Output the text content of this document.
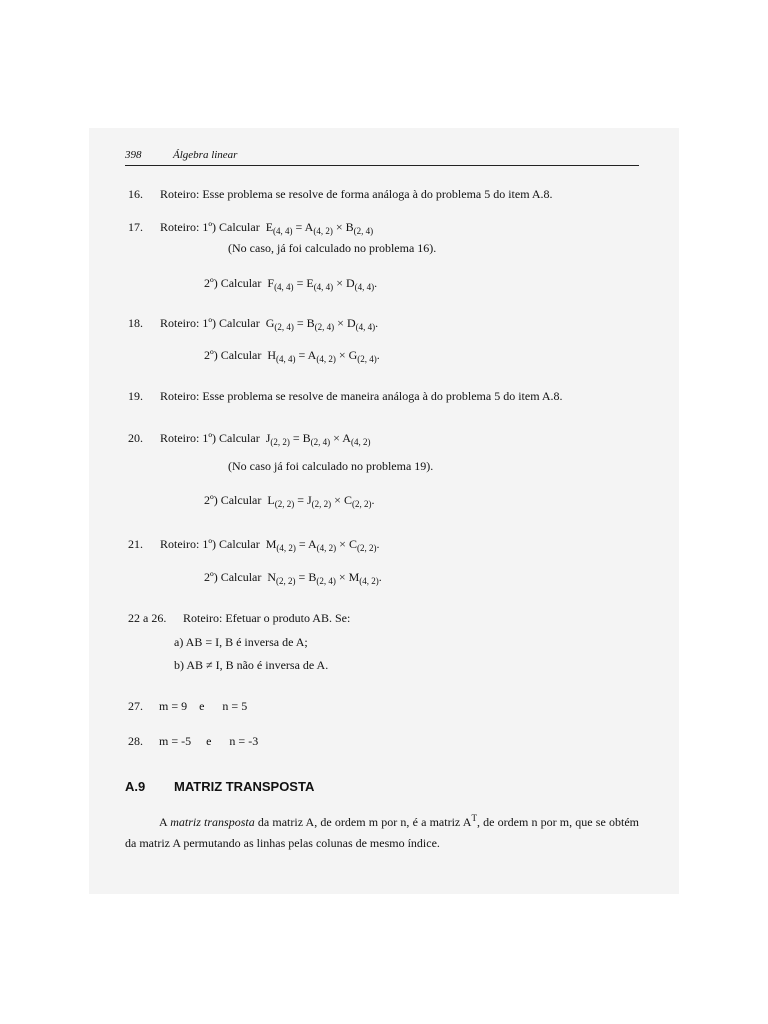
398	Álgebra linear
16. Roteiro: Esse problema se resolve de forma análoga à do problema 5 do item A.8.
17. Roteiro: 1º) Calcular $E_{(4, 4)} = A_{(4, 2)} \times B_{(2, 4)}$
(No caso, já foi calculado no problema 16).
2º) Calcular $F_{(4, 4)} = E_{(4, 4)} \times D_{(4, 4)}$.
18. Roteiro: 1º) Calcular $G_{(2, 4)} = B_{(2, 4)} \times D_{(4, 4)}$.
2º) Calcular $H_{(4, 4)} = A_{(4, 2)} \times G_{(2, 4)}$.
19. Roteiro: Esse problema se resolve de maneira análoga à do problema 5 do item A.8.
20. Roteiro: 1º) Calcular $J_{(2, 2)} = B_{(2, 4)} \times A_{(4, 2)}$
(No caso já foi calculado no problema 19).
2º) Calcular $L_{(2, 2)} = J_{(2, 2)} \times C_{(2, 2)}$.
21. Roteiro: 1º) Calcular $M_{(4, 2)} = A_{(4, 2)} \times C_{(2, 2)}$.
2º) Calcular $N_{(2, 2)} = B_{(2, 4)} \times M_{(4, 2)}$.
22 a 26. Roteiro: Efetuar o produto AB. Se:
a) AB = I, B é inversa de A;
b) AB ≠ I, B não é inversa de A.
27. m = 9    e      n = 5
28. m = -5     e      n = -3
A.9 MATRIZ TRANSPOSTA
A matriz transposta da matriz A, de ordem m por n, é a matriz $A^T$, de ordem n por m, que se obtém da matriz A permutando as linhas pelas colunas de mesmo índice.
